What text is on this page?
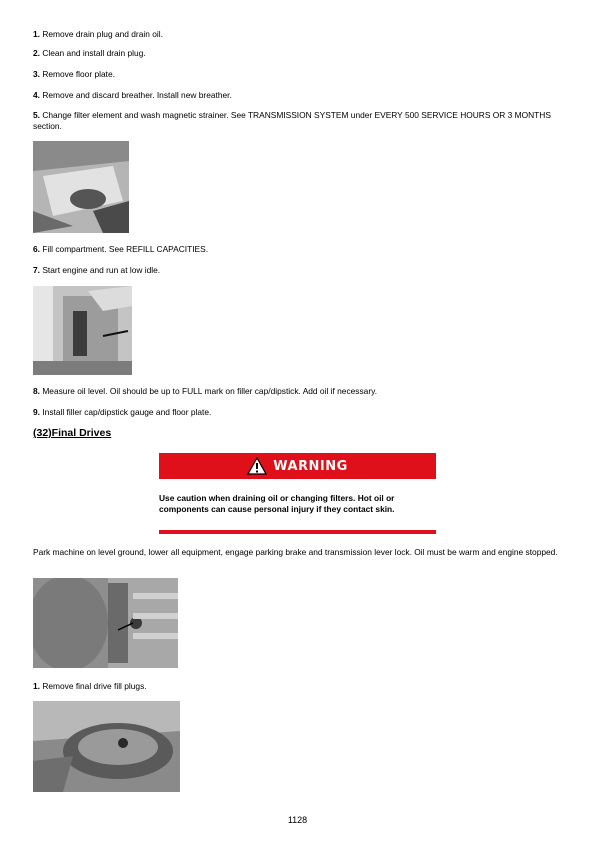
1. Remove drain plug and drain oil.
2. Clean and install drain plug.
3. Remove floor plate.
4. Remove and discard breather. Install new breather.
5. Change filter element and wash magnetic strainer. See TRANSMISSION SYSTEM under EVERY 500 SERVICE HOURS OR 3 MONTHS section.
6. Fill compartment. See REFILL CAPACITIES.
7. Start engine and run at low idle.
8. Measure oil level. Oil should be up to FULL mark on filler cap/dipstick. Add oil if necessary.
9. Install filler cap/dipstick gauge and floor plate.
(32)Final Drives
WARNING
Use caution when draining oil or changing filters. Hot oil or components can cause personal injury if they contact skin.
Park machine on level ground, lower all equipment, engage parking brake and transmission lever lock. Oil must be warm and engine stopped.
1. Remove final drive fill plugs.
1128
